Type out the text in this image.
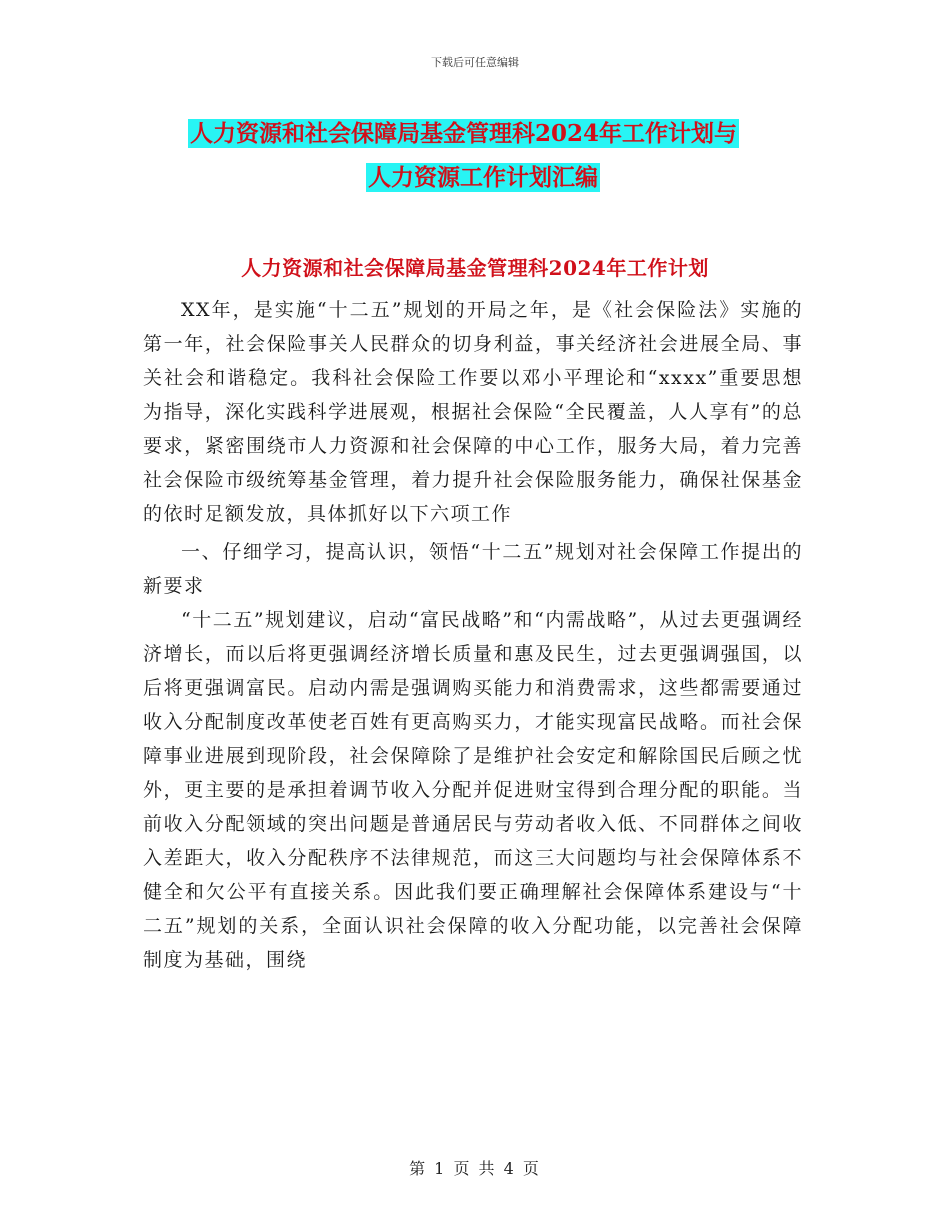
下载后可任意编辑
人力资源和社会保障局基金管理科2024年工作计划与
人力资源工作计划汇编
人力资源和社会保障局基金管理科2024年工作计划

XX年，是实施“十二五”规划的开局之年，是《社会保险法》实施的第一年，社会保险事关人民群众的切身利益，事关经济社会进展全局、事关社会和谐稳定。我科社会保险工作要以邓小平理论和“xxxx”重要思想为指导，深化实践科学进展观，根据社会保险“全民覆盖，人人享有”的总要求，紧密围绕市人力资源和社会保障的中心工作，服务大局，着力完善社会保险市级统筹基金管理，着力提升社会保险服务能力，确保社保基金的依时足额发放，具体抓好以下六项工作

一、仔细学习，提高认识，领悟“十二五”规划对社会保障工作提出的新要求

“十二五”规划建议，启动“富民战略”和“内需战略”，从过去更强调经济增长，而以后将更强调经济增长质量和惠及民生，过去更强调强国，以后将更强调富民。启动内需是强调购买能力和消费需求，这些都需要通过收入分配制度改革使老百姓有更高购买力，才能实现富民战略。而社会保障事业进展到现阶段，社会保障除了是维护社会安定和解除国民后顾之忧外，更主要的是承担着调节收入分配并促进财宝得到合理分配的职能。当前收入分配领域的突出问题是普通居民与劳动者收入低、不同群体之间收入差距大，收入分配秩序不法律规范，而这三大问题均与社会保障体系不健全和欠公平有直接关系。因此我们要正确理解社会保障体系建设与“十二五”规划的关系，全面认识社会保障的收入分配功能，以完善社会保障制度为基础，围绕

第 1 页 共 4 页
